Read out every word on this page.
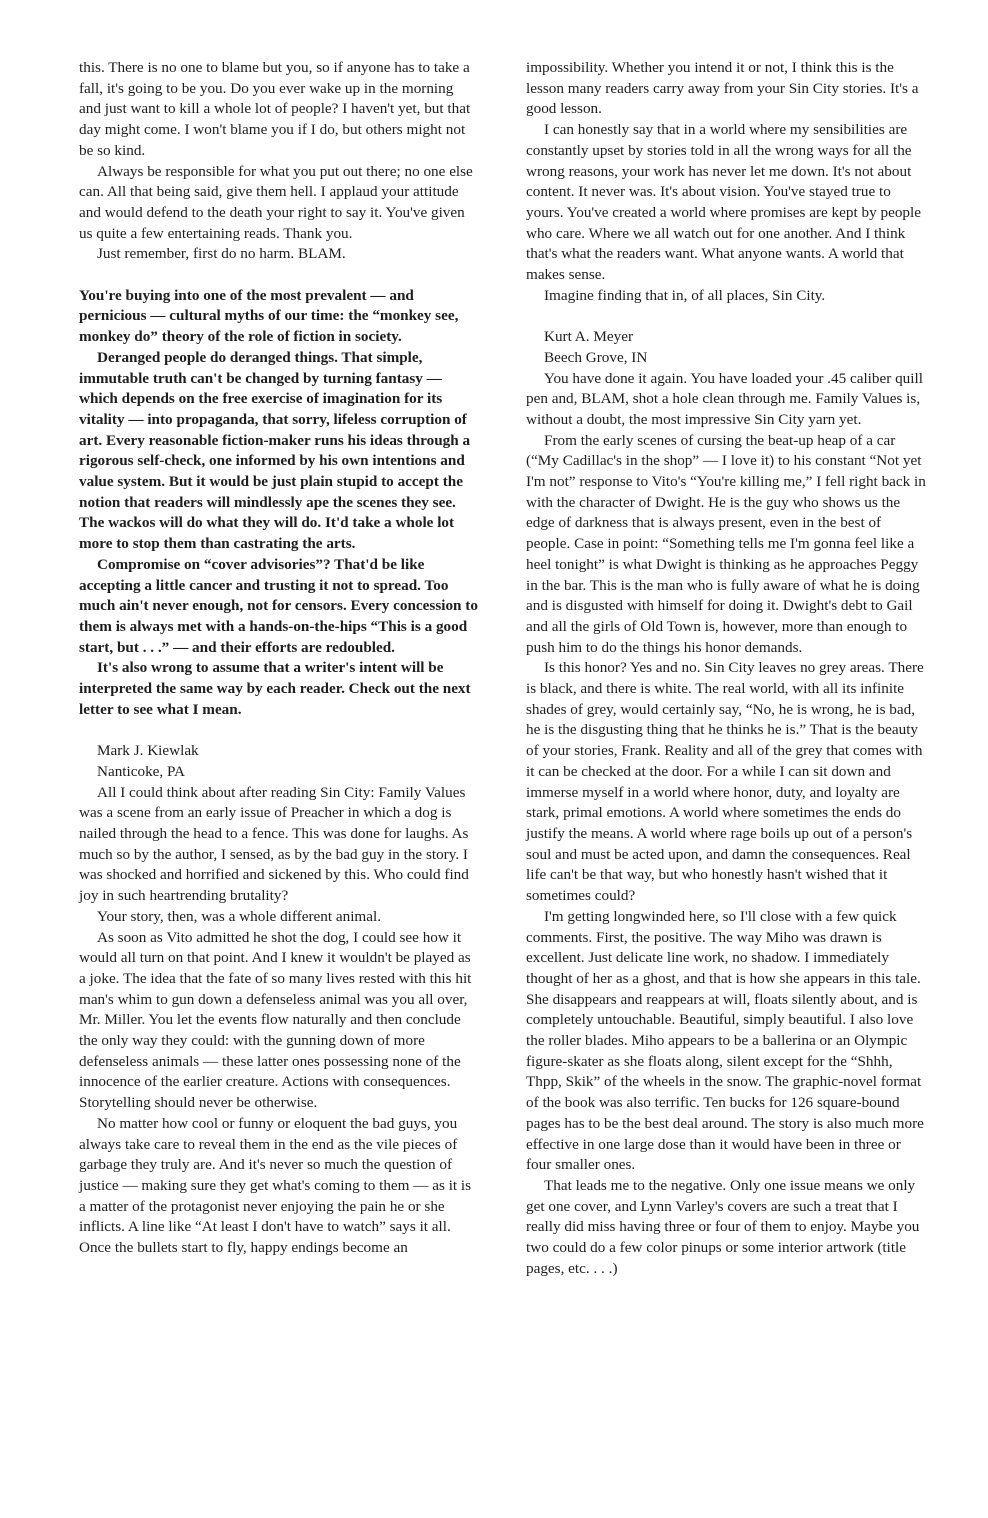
this. There is no one to blame but you, so if anyone has to take a fall, it's going to be you. Do you ever wake up in the morning and just want to kill a whole lot of people? I haven't yet, but that day might come. I won't blame you if I do, but others might not be so kind.

Always be responsible for what you put out there; no one else can. All that being said, give them hell. I applaud your attitude and would defend to the death your right to say it. You've given us quite a few entertaining reads. Thank you.

Just remember, first do no harm. BLAM.

You're buying into one of the most prevalent — and pernicious — cultural myths of our time: the “monkey see, monkey do” theory of the role of fiction in society.

Deranged people do deranged things. That simple, immutable truth can't be changed by turning fantasy — which depends on the free exercise of imagination for its vitality — into propaganda, that sorry, lifeless corruption of art. Every reasonable fiction-maker runs his ideas through a rigorous self-check, one informed by his own intentions and value system. But it would be just plain stupid to accept the notion that readers will mindlessly ape the scenes they see. The wackos will do what they will do. It'd take a whole lot more to stop them than castrating the arts.

Compromise on “cover advisories”? That'd be like accepting a little cancer and trusting it not to spread. Too much ain't never enough, not for censors. Every concession to them is always met with a hands-on-the-hips “This is a good start, but . . .” — and their efforts are redoubled.

It's also wrong to assume that a writer's intent will be interpreted the same way by each reader. Check out the next letter to see what I mean.

Mark J. Kiewlak

Nanticoke, PA

All I could think about after reading Sin City: Family Values was a scene from an early issue of Preacher in which a dog is nailed through the head to a fence. This was done for laughs. As much so by the author, I sensed, as by the bad guy in the story. I was shocked and horrified and sickened by this. Who could find joy in such heartrending brutality?

Your story, then, was a whole different animal.

As soon as Vito admitted he shot the dog, I could see how it would all turn on that point. And I knew it wouldn't be played as a joke. The idea that the fate of so many lives rested with this hit man's whim to gun down a defenseless animal was you all over, Mr. Miller. You let the events flow naturally and then conclude the only way they could: with the gunning down of more defenseless animals — these latter ones possessing none of the innocence of the earlier creature. Actions with consequences. Storytelling should never be otherwise.

No matter how cool or funny or eloquent the bad guys, you always take care to reveal them in the end as the vile pieces of garbage they truly are. And it's never so much the question of justice — making sure they get what's coming to them — as it is a matter of the protagonist never enjoying the pain he or she inflicts. A line like “At least I don't have to watch” says it all. Once the bullets start to fly, happy endings become an

impossibility. Whether you intend it or not, I think this is the lesson many readers carry away from your Sin City stories. It's a good lesson.

I can honestly say that in a world where my sensibilities are constantly upset by stories told in all the wrong ways for all the wrong reasons, your work has never let me down. It's not about content. It never was. It's about vision. You've stayed true to yours. You've created a world where promises are kept by people who care. Where we all watch out for one another. And I think that's what the readers want. What anyone wants. A world that makes sense.

Imagine finding that in, of all places, Sin City.

Kurt A. Meyer

Beech Grove, IN

You have done it again. You have loaded your .45 caliber quill pen and, BLAM, shot a hole clean through me. Family Values is, without a doubt, the most impressive Sin City yarn yet.

From the early scenes of cursing the beat-up heap of a car (“My Cadillac's in the shop” — I love it) to his constant “Not yet I'm not” response to Vito's “You're killing me,” I fell right back in with the character of Dwight. He is the guy who shows us the edge of darkness that is always present, even in the best of people. Case in point: “Something tells me I'm gonna feel like a heel tonight” is what Dwight is thinking as he approaches Peggy in the bar. This is the man who is fully aware of what he is doing and is disgusted with himself for doing it. Dwight's debt to Gail and all the girls of Old Town is, however, more than enough to push him to do the things his honor demands.

Is this honor? Yes and no. Sin City leaves no grey areas. There is black, and there is white. The real world, with all its infinite shades of grey, would certainly say, “No, he is wrong, he is bad, he is the disgusting thing that he thinks he is.” That is the beauty of your stories, Frank. Reality and all of the grey that comes with it can be checked at the door. For a while I can sit down and immerse myself in a world where honor, duty, and loyalty are stark, primal emotions. A world where sometimes the ends do justify the means. A world where rage boils up out of a person's soul and must be acted upon, and damn the consequences. Real life can't be that way, but who honestly hasn't wished that it sometimes could?

I'm getting longwinded here, so I'll close with a few quick comments. First, the positive. The way Miho was drawn is excellent. Just delicate line work, no shadow. I immediately thought of her as a ghost, and that is how she appears in this tale. She disappears and reappears at will, floats silently about, and is completely untouchable. Beautiful, simply beautiful. I also love the roller blades. Miho appears to be a ballerina or an Olympic figure-skater as she floats along, silent except for the “Shhh, Thpp, Skik” of the wheels in the snow. The graphic-novel format of the book was also terrific. Ten bucks for 126 square-bound pages has to be the best deal around. The story is also much more effective in one large dose than it would have been in three or four smaller ones.

That leads me to the negative. Only one issue means we only get one cover, and Lynn Varley's covers are such a treat that I really did miss having three or four of them to enjoy. Maybe you two could do a few color pinups or some interior artwork (title pages, etc. . . .)
